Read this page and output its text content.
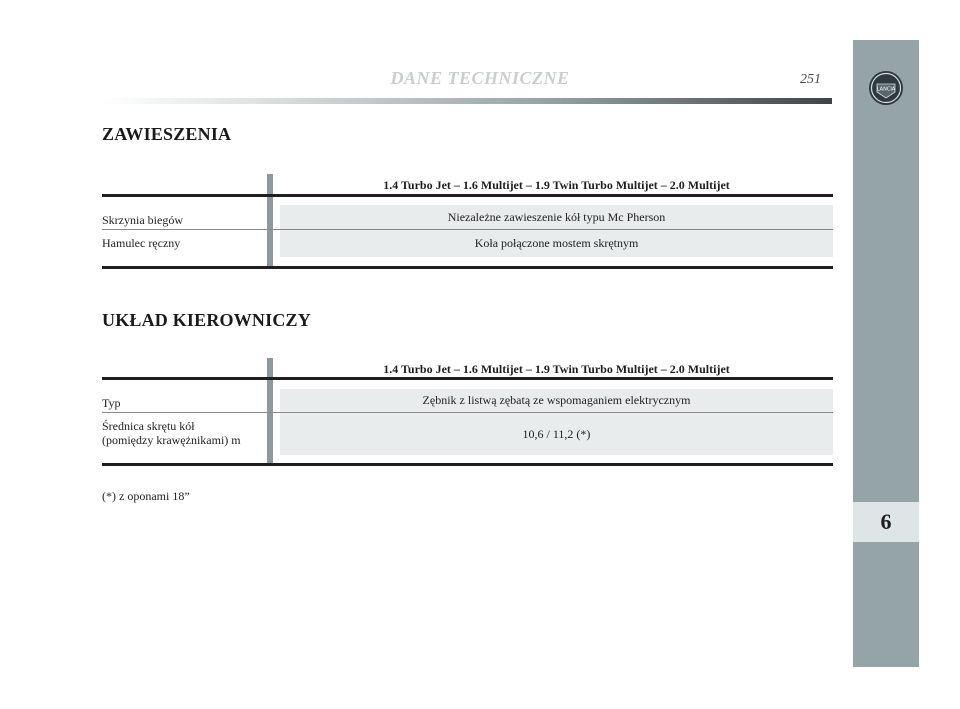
DANE TECHNICZNE	251
LANCIA
6
ZAWIESZENIA
1.4 Turbo Jet – 1.6 Multijet – 1.9 Twin Turbo Multijet – 2.0 Multijet
Skrzynia biegów	Niezależne zawieszenie kół typu Mc Pherson
Hamulec ręczny	Koła połączone mostem skrętnym
UKŁAD KIEROWNICZY
1.4 Turbo Jet – 1.6 Multijet – 1.9 Twin Turbo Multijet – 2.0 Multijet
Typ	Zębnik z listwą zębatą ze wspomaganiem elektrycznym
Średnica skrętu kół
(pomiędzy krawężnikami) m	10,6 / 11,2 (*)
(*) z oponami 18”
